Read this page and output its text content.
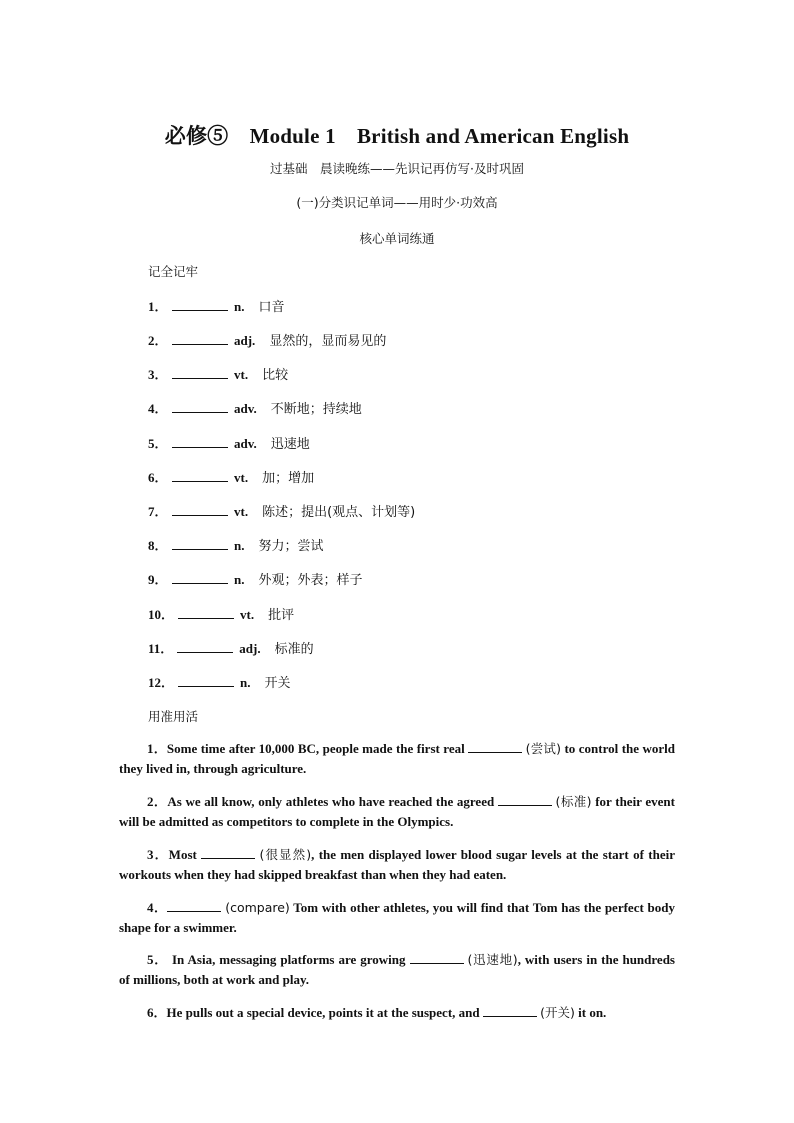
必修⑤　Module 1　British and American English
过基础　晨读晚练——先识记再仿写·及时巩固
(一)分类识记单词——用时少·功效高
核心单词练通
记全记牢
1．	n. 口音
2．	adj. 显然的，显而易见的
3．	vt. 比较
4．	adv. 不断地；持续地
5．	adv. 迅速地
6．	vt. 加；增加
7．	vt. 陈述；提出(观点、计划等)
8．	n. 努力；尝试
9．	n. 外观；外表；样子
10．	vt. 批评
11．	adj. 标准的
12．	n. 开关
用准用活
1．Some time after 10,000 BC, people made the first real	(尝试) to control the world they lived in, through agriculture.
2．As we all know, only athletes who have reached the agreed	(标准) for their event will be admitted as competitors to complete in the Olympics.
3．Most	(很显然), the men displayed lower blood sugar levels at the start of their workouts when they had skipped breakfast than when they had eaten.
4．	(compare) Tom with other athletes, you will find that Tom has the perfect body shape for a swimmer.
5． In Asia, messaging platforms are growing	(迅速地), with users in the hundreds of millions, both at work and play.
6．He pulls out a special device, points it at the suspect, and	(开关) it on.
